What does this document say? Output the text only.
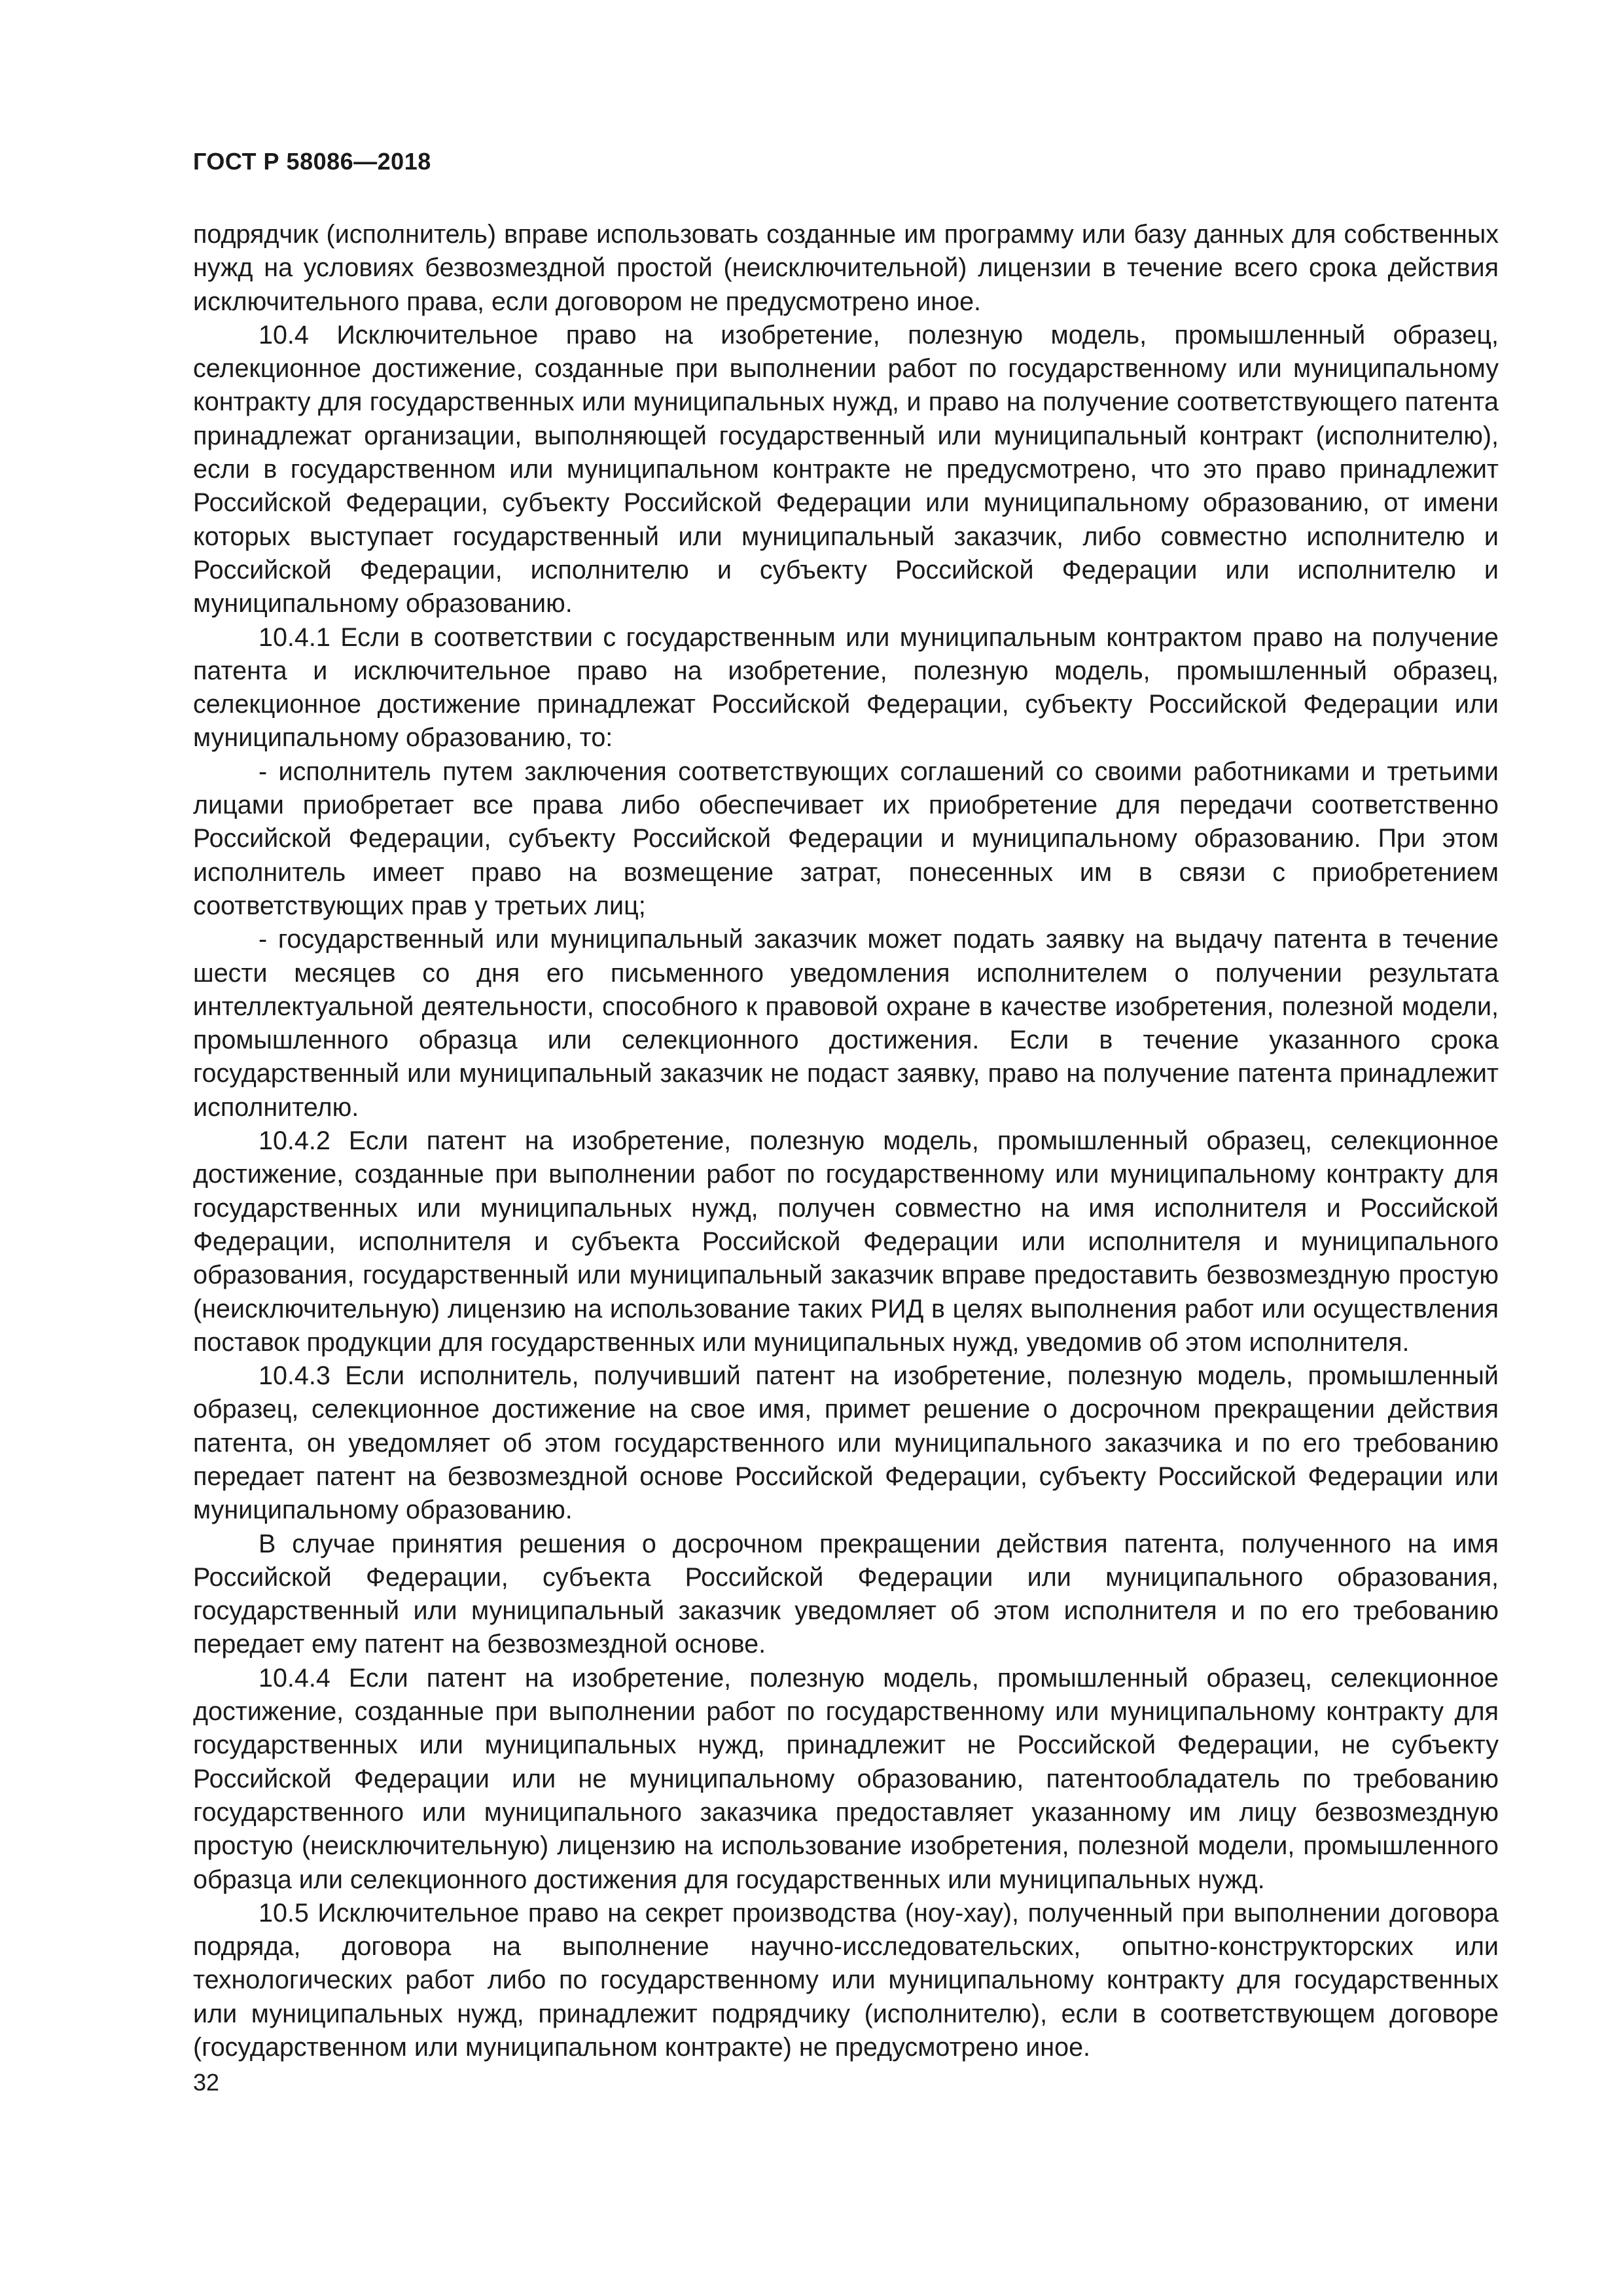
ГОСТ Р 58086—2018

подрядчик (исполнитель) вправе использовать созданные им программу или базу данных для собственных нужд на условиях безвозмездной простой (неисключительной) лицензии в течение всего срока действия исключительного права, если договором не предусмотрено иное.

10.4 Исключительное право на изобретение, полезную модель, промышленный образец, селекционное достижение, созданные при выполнении работ по государственному или муниципальному контракту для государственных или муниципальных нужд, и право на получение соответствующего патента принадлежат организации, выполняющей государственный или муниципальный контракт (исполнителю), если в государственном или муниципальном контракте не предусмотрено, что это право принадлежит Российской Федерации, субъекту Российской Федерации или муниципальному образованию, от имени которых выступает государственный или муниципальный заказчик, либо совместно исполнителю и Российской Федерации, исполнителю и субъекту Российской Федерации или исполнителю и муниципальному образованию.

10.4.1 Если в соответствии с государственным или муниципальным контрактом право на получение патента и исключительное право на изобретение, полезную модель, промышленный образец, селекционное достижение принадлежат Российской Федерации, субъекту Российской Федерации или муниципальному образованию, то:

- исполнитель путем заключения соответствующих соглашений со своими работниками и третьими лицами приобретает все права либо обеспечивает их приобретение для передачи соответственно Российской Федерации, субъекту Российской Федерации и муниципальному образованию. При этом исполнитель имеет право на возмещение затрат, понесенных им в связи с приобретением соответствующих прав у третьих лиц;

- государственный или муниципальный заказчик может подать заявку на выдачу патента в течение шести месяцев со дня его письменного уведомления исполнителем о получении результата интеллектуальной деятельности, способного к правовой охране в качестве изобретения, полезной модели, промышленного образца или селекционного достижения. Если в течение указанного срока государственный или муниципальный заказчик не подаст заявку, право на получение патента принадлежит исполнителю.

10.4.2 Если патент на изобретение, полезную модель, промышленный образец, селекционное достижение, созданные при выполнении работ по государственному или муниципальному контракту для государственных или муниципальных нужд, получен совместно на имя исполнителя и Российской Федерации, исполнителя и субъекта Российской Федерации или исполнителя и муниципального образования, государственный или муниципальный заказчик вправе предоставить безвозмездную простую (неисключительную) лицензию на использование таких РИД в целях выполнения работ или осуществления поставок продукции для государственных или муниципальных нужд, уведомив об этом исполнителя.

10.4.3 Если исполнитель, получивший патент на изобретение, полезную модель, промышленный образец, селекционное достижение на свое имя, примет решение о досрочном прекращении действия патента, он уведомляет об этом государственного или муниципального заказчика и по его требованию передает патент на безвозмездной основе Российской Федерации, субъекту Российской Федерации или муниципальному образованию.

В случае принятия решения о досрочном прекращении действия патента, полученного на имя Российской Федерации, субъекта Российской Федерации или муниципального образования, государственный или муниципальный заказчик уведомляет об этом исполнителя и по его требованию передает ему патент на безвозмездной основе.

10.4.4 Если патент на изобретение, полезную модель, промышленный образец, селекционное достижение, созданные при выполнении работ по государственному или муниципальному контракту для государственных или муниципальных нужд, принадлежит не Российской Федерации, не субъекту Российской Федерации или не муниципальному образованию, патентообладатель по требованию государственного или муниципального заказчика предоставляет указанному им лицу безвозмездную простую (неисключительную) лицензию на использование изобретения, полезной модели, промышленного образца или селекционного достижения для государственных или муниципальных нужд.

10.5 Исключительное право на секрет производства (ноу-хау), полученный при выполнении договора подряда, договора на выполнение научно-исследовательских, опытно-конструкторских или технологических работ либо по государственному или муниципальному контракту для государственных или муниципальных нужд, принадлежит подрядчику (исполнителю), если в соответствующем договоре (государственном или муниципальном контракте) не предусмотрено иное.

32
